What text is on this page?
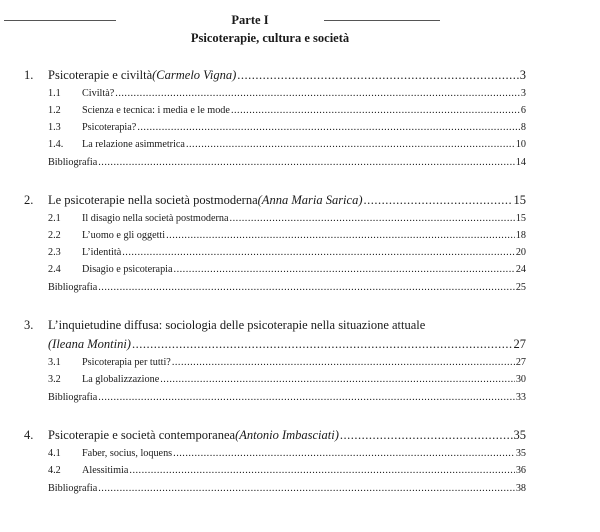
Parte I
Psicoterapie, cultura e società
1.	Psicoterapie e civiltà (Carmelo Vigna) .....	3
1.1	Civiltà? .....	3
1.2	Scienza e tecnica: i media e le mode .....	6
1.3	Psicoterapia? .....	8
1.4.	La relazione asimmetrica .....	10
Bibliografia .....	14
2.	Le psicoterapie nella società postmoderna (Anna Maria Sarica) .....	15
2.1	Il disagio nella società postmoderna .....	15
2.2	L’uomo e gli oggetti .....	18
2.3	L’identità .....	20
2.4	Disagio e psicoterapia .....	24
Bibliografia .....	25
3. L’inquietudine diffusa: sociologia delle psicoterapie nella situazione attuale
(Ileana Montini) .....	27
3.1	Psicoterapia per tutti? .....	27
3.2	La globalizzazione .....	30
Bibliografia .....	33
4.	Psicoterapie e società contemporanea (Antonio Imbasciati) .....	35
4.1	Faber, socius, loquens .....	35
4.2	Alessitimia .....	36
Bibliografia .....	38
